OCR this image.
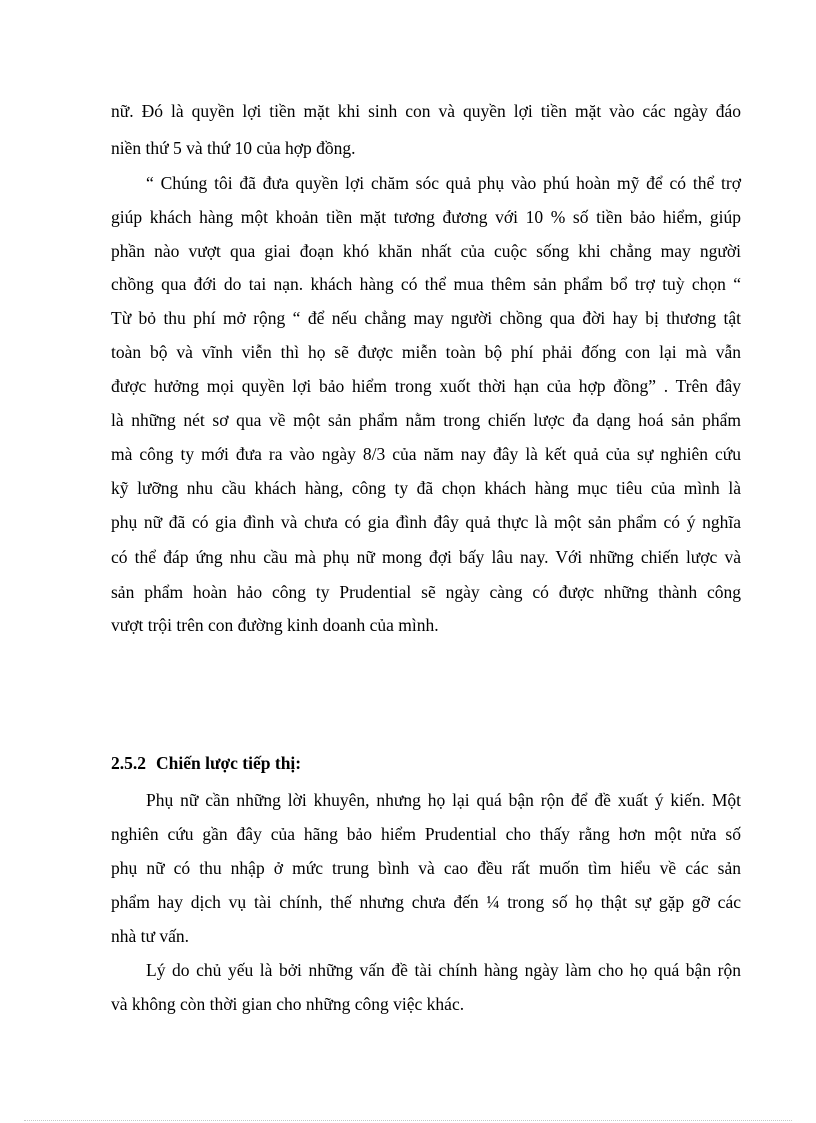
nữ. Đó là quyền lợi tiền mặt khi sinh con và quyền lợi tiền mặt vào các ngày đáo
niền thứ 5 và thứ 10 của hợp đồng.
“ Chúng tôi đã đưa quyền lợi chăm sóc quả phụ vào phú hoàn mỹ để có thể trợ
giúp khách hàng một khoản tiền mặt tương đương với 10 % số tiền bảo hiểm, giúp
phần nào vượt qua giai đoạn khó khăn nhất của cuộc sống khi chẳng may người
chồng qua đới do tai nạn. khách hàng có thể mua thêm sản phẩm bổ trợ tuỳ chọn “
Từ bỏ thu phí mở rộng “ để nếu chẳng may người chồng qua đời hay bị thương tật
toàn bộ và vĩnh viễn thì họ sẽ được miễn toàn bộ phí phải đống con lại mà vẫn
được hưởng mọi quyền lợi bảo hiểm trong xuốt thời hạn của hợp đồng” . Trên đây
là những nét sơ qua về một sản phẩm nằm trong chiến lược đa dạng hoá sản phẩm
mà công ty mới đưa ra vào ngày 8/3 của năm nay đây là kết quả của sự nghiên cứu
kỹ lưỡng nhu cầu khách hàng, công ty đã chọn khách hàng mục tiêu của mình là
phụ nữ đã có gia đình và chưa có gia đình đây quả thực là một sản phẩm có ý nghĩa
có thể đáp ứng nhu cầu mà phụ nữ mong đợi bấy lâu nay. Với những chiến lược và
sản phẩm hoàn hảo công ty Prudential sẽ ngày càng có được những thành công
vượt trội trên con đường kinh doanh của mình.
2.5.2 Chiến lược tiếp thị:
Phụ nữ cần những lời khuyên, nhưng họ lại quá bận rộn để đề xuất ý kiến. Một
nghiên cứu gần đây của hãng bảo hiểm Prudential cho thấy rằng hơn một nửa số
phụ nữ có thu nhập ở mức trung bình và cao đều rất muốn tìm hiểu về các sản
phẩm hay dịch vụ tài chính, thế nhưng chưa đến ¼ trong số họ thật sự gặp gỡ các
nhà tư vấn.
Lý do chủ yếu là bởi những vấn đề tài chính hàng ngày làm cho họ quá bận rộn
và không còn thời gian cho những công việc khác.
